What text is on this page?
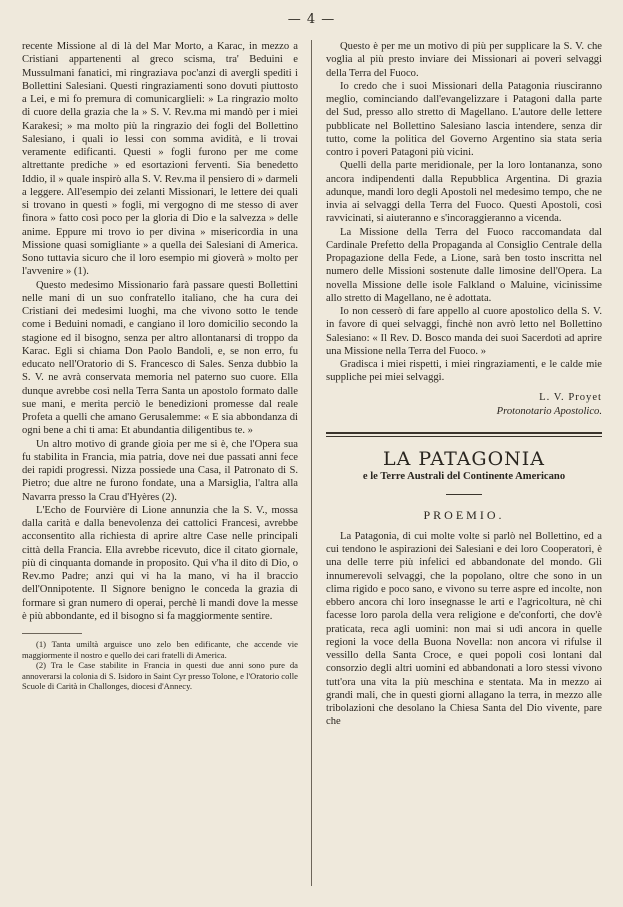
— 4 —

recente Missione al di là del Mar Morto, a Karac, in mezzo a Cristiani appartenenti al greco scisma, tra' Beduini e Mussulmani fanatici, mi ringraziava poc'anzi di avergli spediti i Bollettini Salesiani. Questi ringraziamenti sono dovuti piuttosto a Lei, e mi fo premura di comunicarglieli: » La ringrazio molto di cuore della grazia che la » S. V. Rev.ma mi mandò per i miei Karakesi; » ma molto più la ringrazio dei fogli del Bollettino Salesiano, i quali io lessi con somma avidità, e li trovai veramente edificanti. Questi » fogli furono per me come altrettante prediche » ed esortazioni ferventi. Sia benedetto Iddio, il » quale inspirò alla S. V. Rev.ma il pensiero di » darmeli a leggere. All'esempio dei zelanti Missionari, le lettere dei quali si trovano in questi » fogli, mi vergogno di me stesso di aver finora » fatto così poco per la gloria di Dio e la salvezza » delle anime. Eppure mi trovo io per divina » misericordia in una Missione quasi somigliante » a quella dei Salesiani di America. Sono tuttavia sicuro che il loro esempio mi gioverà » molto per l'avvenire » (1).

Questo medesimo Missionario farà passare questi Bollettini nelle mani di un suo confratello italiano, che ha cura dei Cristiani dei medesimi luoghi, ma che vivono sotto le tende come i Beduini nomadi, e cangiano il loro domicilio secondo la stagione ed il bisogno, senza per altro allontanarsi di troppo da Karac. Egli si chiama Don Paolo Bandoli, e, se non erro, fu educato nell'Oratorio di S. Francesco di Sales. Senza dubbio la S. V. ne avrà conservata memoria nel paterno suo cuore. Ella dunque avrebbe così nella Terra Santa un apostolo formato dalle sue mani, e merita perciò le benedizioni promesse dal reale Profeta a quelli che amano Gerusalemme: « E sia abbondanza di ogni bene a chi ti ama: Et abundantia diligentibus te. »

Un altro motivo di grande gioia per me si è, che l'Opera sua fu stabilita in Francia, mia patria, dove nei due passati anni fece dei rapidi progressi. Nizza possiede una Casa, il Patronato di S. Pietro; due altre ne furono fondate, una a Marsiglia, l'altra alla Navarra presso la Crau d'Hyères (2).

L'Echo de Fourvière di Lione annunzia che la S. V., mossa dalla carità e dalla benevolenza dei cattolici Francesi, avrebbe acconsentito alla richiesta di aprire altre Case nelle principali città della Francia. Ella avrebbe ricevuto, dice il citato giornale, più di cinquanta domande in proposito. Qui v'ha il dito di Dio, o Rev.mo Padre; anzi qui vi ha la mano, vi ha il braccio dell'Onnipotente. Il Signore benigno le conceda la grazia di formare sì gran numero di operai, perchè li mandi dove la messe è più abbondante, ed il bisogno si fa maggiormente sentire.

(1) Tanta umiltà arguisce uno zelo ben edificante, che accende vie maggiormente il nostro e quello dei cari fratelli di America.

(2) Tra le Case stabilite in Francia in questi due anni sono pure da annoverarsi la colonia di S. Isidoro in Saint Cyr presso Tolone, e l'Oratorio colle Scuole di Carità in Challonges, diocesi d'Annecy.

Questo è per me un motivo di più per supplicare la S. V. che voglia al più presto inviare dei Missionari ai poveri selvaggi della Terra del Fuoco.

Io credo che i suoi Missionari della Patagonia riusciranno meglio, cominciando dall'evangelizzare i Patagoni dalla parte del Sud, presso allo stretto di Magellano. L'autore delle lettere pubblicate nel Bollettino Salesiano lascia intendere, senza dir tutto, come la politica del Governo Argentino sia stata seria contro i poveri Patagoni più vicini.

Quelli della parte meridionale, per la loro lontananza, sono ancora indipendenti dalla Repubblica Argentina. Di grazia adunque, mandi loro degli Apostoli nel medesimo tempo, che ne invia ai selvaggi della Terra del Fuoco. Questi Apostoli, così ravvicinati, si aiuteranno e s'incoraggieranno a vicenda.

La Missione della Terra del Fuoco raccomandata dal Cardinale Prefetto della Propaganda al Consiglio Centrale della Propagazione della Fede, a Lione, sarà ben tosto inscritta nel numero delle Missioni sostenute dalle limosine dell'Opera. La novella Missione delle isole Falkland o Maluine, vicinissime allo stretto di Magellano, ne è adottata.

Io non cesserò di fare appello al cuore apostolico della S. V. in favore di quei selvaggi, finchè non avrò letto nel Bollettino Salesiano: « Il Rev. D. Bosco manda dei suoi Sacerdoti ad aprire una Missione nella Terra del Fuoco. »

Gradisca i miei rispetti, i miei ringraziamenti, e le calde mie suppliche pei miei selvaggi.

L. V. Proyet
Protonotario Apostolico.
LA PATAGONIA
e le Terre Australi del Continente Americano
PROEMIO.

La Patagonia, di cui molte volte si parlò nel Bollettino, ed a cui tendono le aspirazioni dei Salesiani e dei loro Cooperatori, è una delle terre più infelici ed abbandonate del mondo. Gli innumerevoli selvaggi, che la popolano, oltre che sono in un clima rigido e poco sano, e vivono su terre aspre ed incolte, non ebbero ancora chi loro insegnasse le arti e l'agricoltura, nè chi facesse loro parola della vera religione e de'conforti, che dov'è praticata, reca agli uomini: non mai si udì ancora in quelle regioni la voce della Buona Novella: non ancora vi rifulse il vessillo della Santa Croce, e quei popoli così lontani dal consorzio degli altri uomini ed abbandonati a loro stessi vivono tutt'ora una vita la più meschina e stentata. Ma in mezzo ai grandi mali, che in questi giorni allagano la terra, in mezzo alle tribolazioni che desolano la Chiesa Santa del Dio vivente, pare che
